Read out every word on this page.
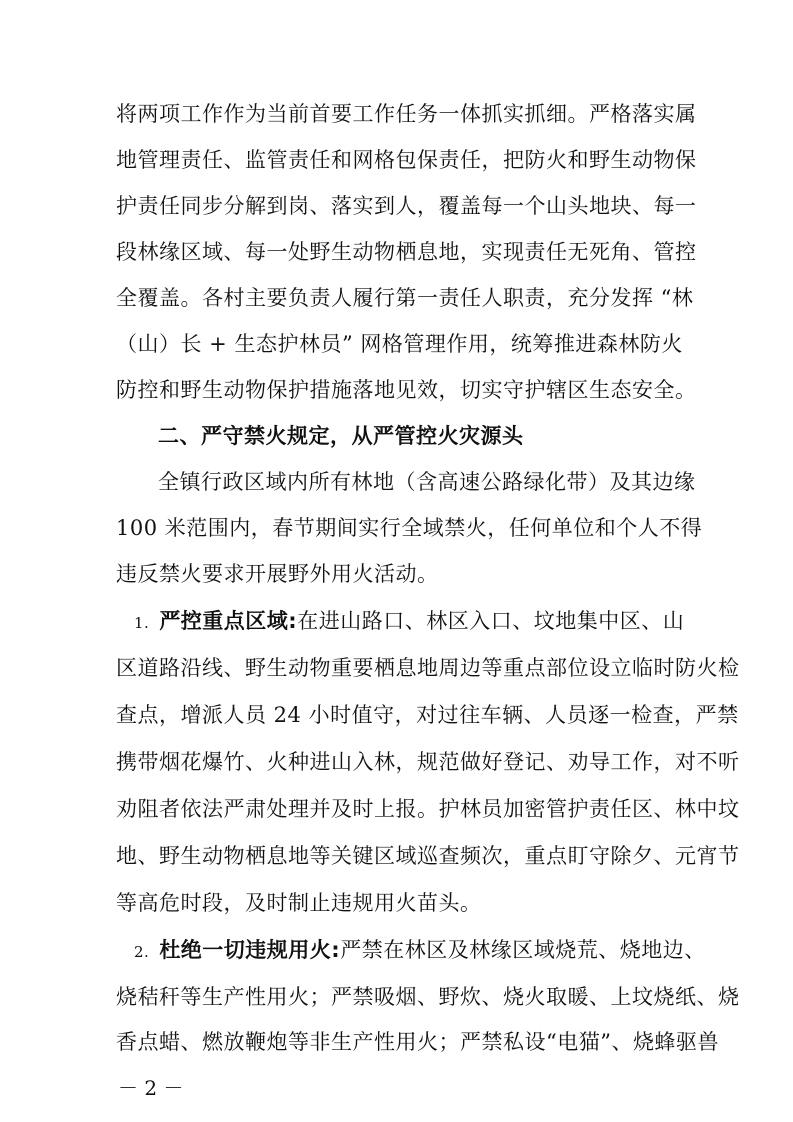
将两项工作作为当前首要工作任务一体抓实抓细。严格落实属
地管理责任、监管责任和网格包保责任，把防火和野生动物保
护责任同步分解到岗、落实到人，覆盖每一个山头地块、每一
段林缘区域、每一处野生动物栖息地，实现责任无死角、管控
全覆盖。各村主要负责人履行第一责任人职责，充分发挥 “林
（山）长 + 生态护林员” 网格管理作用，统筹推进森林防火
防控和野生动物保护措施落地见效，切实守护辖区生态安全。
二、严守禁火规定，从严管控火灾源头
全镇行政区域内所有林地（含高速公路绿化带）及其边缘
100 米范围内，春节期间实行全域禁火，任何单位和个人不得
违反禁火要求开展野外用火活动。
1. 严控重点区域:在进山路口、林区入口、坟地集中区、山
区道路沿线、野生动物重要栖息地周边等重点部位设立临时防火检
查点，增派人员 24 小时值守，对过往车辆、人员逐一检查，严禁
携带烟花爆竹、火种进山入林，规范做好登记、劝导工作，对不听
劝阻者依法严肃处理并及时上报。护林员加密管护责任区、林中坟
地、野生动物栖息地等关键区域巡查频次，重点盯守除夕、元宵节
等高危时段，及时制止违规用火苗头。
2. 杜绝一切违规用火:严禁在林区及林缘区域烧荒、烧地边、
烧秸秆等生产性用火；严禁吸烟、野炊、烧火取暖、上坟烧纸、烧
香点蜡、燃放鞭炮等非生产性用火；严禁私设“电猫”、烧蜂驱兽
－ 2 －
